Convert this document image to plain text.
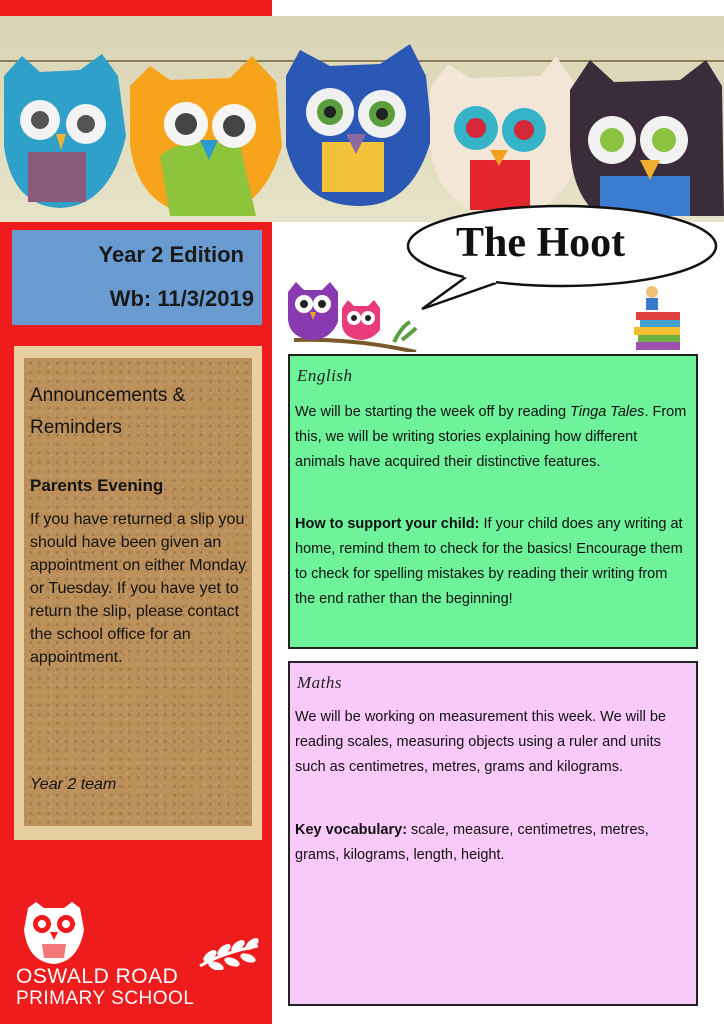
Year 2 Edition
Wb: 11/3/2019
Announcements & Reminders
Parents Evening
If you have returned a slip you should have been given an appointment on either Monday or Tuesday. If you have yet to return the slip, please contact the school office for an appointment.
Year 2 team
The Hoot
English
We will be starting the week off by reading Tinga Tales. From this, we will be writing stories explaining how different animals have acquired their distinctive features.
How to support your child: If your child does any writing at home, remind them to check for the basics! Encourage them to check for spelling mistakes by reading their writing from the end rather than the beginning!
Maths
We will be working on measurement this week. We will be reading scales, measuring objects using a ruler and units such as centimetres, metres, grams and kilograms.
Key vocabulary: scale, measure, centimetres, metres, grams, kilograms, length, height.
OSWALD ROAD
PRIMARY SCHOOL
